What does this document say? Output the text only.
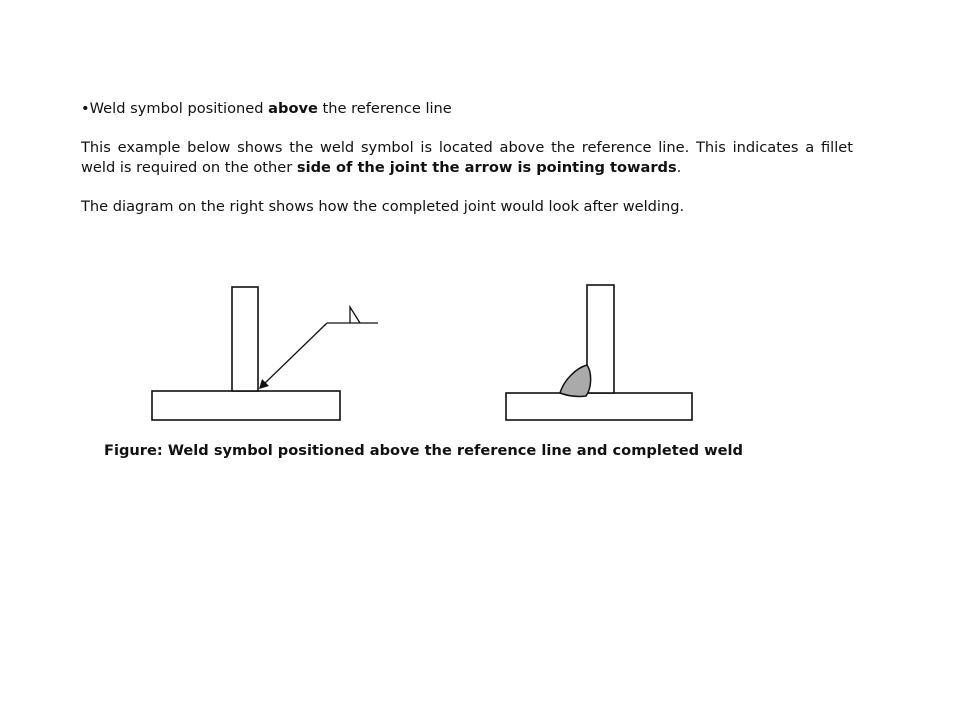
•Weld symbol positioned above the reference line
This example below shows the weld symbol is located above the reference line. This indicates a fillet weld is required on the other side of the joint the arrow is pointing towards.
The diagram on the right shows how the completed joint would look after welding.
Figure: Weld symbol positioned above the reference line and completed weld
